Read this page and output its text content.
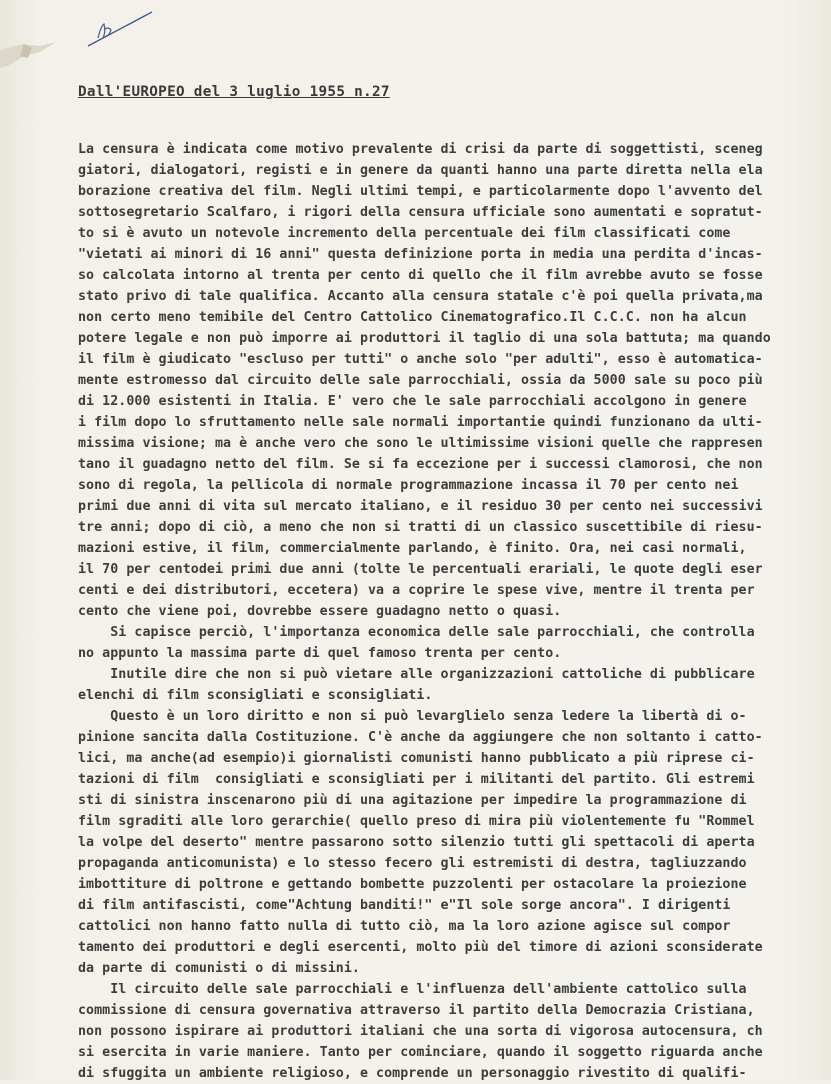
Dall'EUROPEO del 3 luglio 1955 n.27
La censura è indicata come motivo prevalente di crisi da parte di soggettisti, sceneg
giatori, dialogatori, registi e in genere da quanti hanno una parte diretta nella ela
borazione creativa del film. Negli ultimi tempi, e particolarmente dopo l'avvento del
sottosegretario Scalfaro, i rigori della censura ufficiale sono aumentati e sopratut-
to si è avuto un notevole incremento della percentuale dei film classificati come
"vietati ai minori di 16 anni" questa definizione porta in media una perdita d'incas-
so calcolata intorno al trenta per cento di quello che il film avrebbe avuto se fosse
stato privo di tale qualifica. Accanto alla censura statale c'è poi quella privata,ma
non certo meno temibile del Centro Cattolico Cinematografico.Il C.C.C. non ha alcun
potere legale e non può imporre ai produttori il taglio di una sola battuta; ma quando
il film è giudicato "escluso per tutti" o anche solo "per adulti", esso è automatica-
mente estromesso dal circuito delle sale parrocchiali, ossia da 5000 sale su poco più
di 12.000 esistenti in Italia. E' vero che le sale parrocchiali accolgono in genere
i film dopo lo sfruttamento nelle sale normali importantie quindi funzionano da ulti-
missima visione; ma è anche vero che sono le ultimissime visioni quelle che rappresen
tano il guadagno netto del film. Se si fa eccezione per i successi clamorosi, che non
sono di regola, la pellicola di normale programmazione incassa il 70 per cento nei
primi due anni di vita sul mercato italiano, e il residuo 30 per cento nei successivi
tre anni; dopo di ciò, a meno che non si tratti di un classico suscettibile di riesu-
mazioni estive, il film, commercialmente parlando, è finito. Ora, nei casi normali,
il 70 per centodei primi due anni (tolte le percentuali erariali, le quote degli eser
centi e dei distributori, eccetera) va a coprire le spese vive, mentre il trenta per
cento che viene poi, dovrebbe essere guadagno netto o quasi.
Si capisce perciò, l'importanza economica delle sale parrocchiali, che controlla
no appunto la massima parte di quel famoso trenta per cento.
Inutile dire che non si può vietare alle organizzazioni cattoliche di pubblicare
elenchi di film sconsigliati e sconsigliati.
Questo è un loro diritto e non si può levarglielo senza ledere la libertà di o-
pinione sancita dalla Costituzione. C'è anche da aggiungere che non soltanto i catto-
lici, ma anche(ad esempio)i giornalisti comunisti hanno pubblicato a più riprese ci-
tazioni di film  consigliati e sconsigliati per i militanti del partito. Gli estremi
sti di sinistra inscenarono più di una agitazione per impedire la programmazione di
film sgraditi alle loro gerarchie( quello preso di mira più violentemente fu "Rommel
la volpe del deserto" mentre passarono sotto silenzio tutti gli spettacoli di aperta
propaganda anticomunista) e lo stesso fecero gli estremisti di destra, tagliuzzando
imbottiture di poltrone e gettando bombette puzzolenti per ostacolare la proiezione
di film antifascisti, come"Achtung banditi!" e"Il sole sorge ancora". I dirigenti
cattolici non hanno fatto nulla di tutto ciò, ma la loro azione agisce sul compor
tamento dei produttori e degli esercenti, molto più del timore di azioni sconsiderate
da parte di comunisti o di missini.
Il circuito delle sale parrocchiali e l'influenza dell'ambiente cattolico sulla
commissione di censura governativa attraverso il partito della Democrazia Cristiana,
non possono ispirare ai produttori italiani che una sorta di vigorosa autocensura, ch
si esercita in varie maniere. Tanto per cominciare, quando il soggetto riguarda anche
di sfuggita un ambiente religioso, e comprende un personaggio rivestito di qualifi-
